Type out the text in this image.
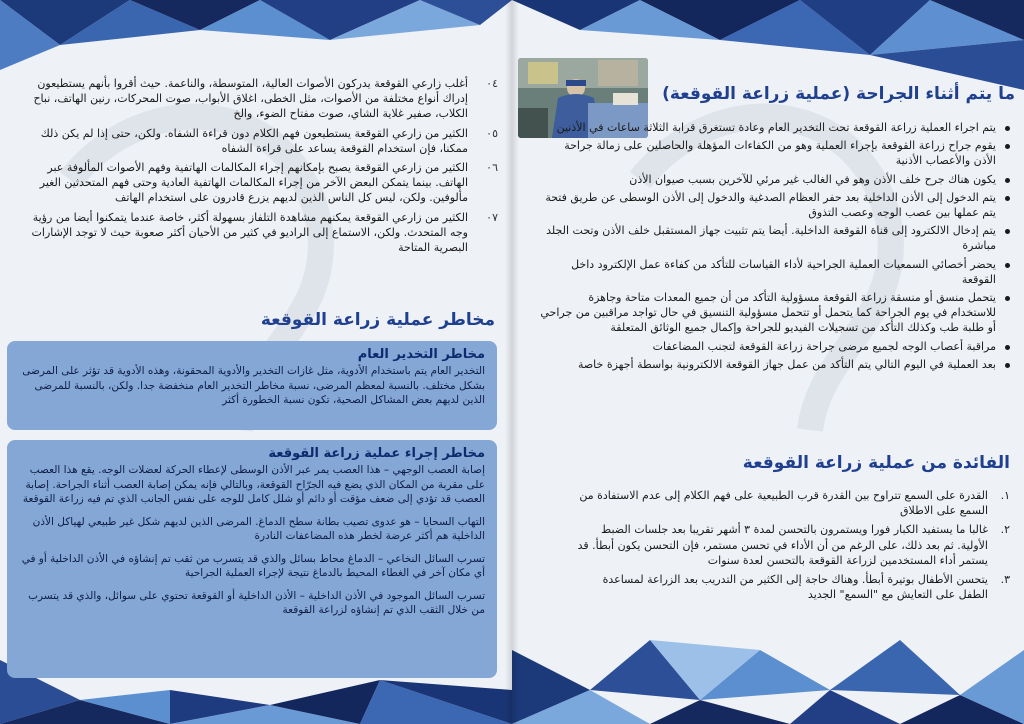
٠٤
أغلب زارعي القوقعة يدركون الأصوات العالية، المتوسطة، والناعمة. حيث أقروا بأنهم يستطيعون إدراك أنواع مختلفة من الأصوات، مثل الخطى، اغلاق الأبواب، صوت المحركات، رنين الهاتف، نباح الكلاب، صفير غلاية الشاي، صوت مفتاح الضوء، والخ
٠٥
الكثير من زارعي القوقعة يستطيعون فهم الكلام دون قراءة الشفاه. ولكن، حتى إذا لم يكن ذلك ممكنا، فإن استخدام القوقعة يساعد على قراءة الشفاه
٠٦
الكثير من زارعي القوقعة يصبح بإمكانهم إجراء المكالمات الهاتفية وفهم الأصوات المألوفة عبر الهاتف. بينما يتمكن البعض الآخر من إجراء المكالمات الهاتفية العادية وحتى فهم المتحدثين الغير مألوفين. ولكن، ليس كل الناس الذين لديهم يزرع قادرون على استخدام الهاتف
٠٧
الكثير من زارعي القوقعة يمكنهم مشاهدة التلفاز بسهولة أكثر، خاصة عندما يتمكنوا أيضا من رؤية وجه المتحدث. ولكن، الاستماع إلى الراديو في كثير من الأحيان أكثر صعوبة حيث لا توجد الإشارات البصرية المتاحة
مخاطر عملية زراعة القوقعة
مخاطر التخدير العام

التخدير العام يتم باستخدام الأدوية، مثل غازات التخدير والأدوية المحقونة، وهذه الأدوية قد تؤثر على المرضى بشكل مختلف. بالنسبة لمعظم المرضى، نسبة مخاطر التخدير العام منخفضة جدا. ولكن، بالنسبة للمرضى الذين لديهم بعض المشاكل الصحية، تكون نسبة الخطورة أكثر

مخاطر إجراء عملية زراعة القوقعة

إصابة العصب الوجهي – هذا العصب يمر عبر الأذن الوسطى لإعطاء الحركة لعضلات الوجه. يقع هذا العصب على مقربة من المكان الذي يضع فيه الجرّاح القوقعة، وبالتالي فإنه يمكن إصابة العصب أثناء الجراحة. إصابة العصب قد تؤدي إلى ضعف مؤقت أو دائم أو شلل كامل للوجه على نفس الجانب الذي تم فيه زراعة القوقعة

التهاب السحايا – هو عدوى تصيب بطانة سطح الدماغ. المرضى الذين لديهم شكل غير طبيعي لهياكل الأذن الداخلية هم أكثر عرضة لخطر هذه المضاعفات النادرة

تسرب السائل النخاعي – الدماغ محاط بسائل والذي قد يتسرب من ثقب تم إنشاؤه في الأذن الداخلية أو في أي مكان آخر في الغطاء المحيط بالدماغ نتيجة لإجراء العملية الجراحية

تسرب السائل الموجود في الأذن الداخلية – الأذن الداخلية أو القوقعة تحتوي على سوائل، والذي قد يتسرب من خلال الثقب الذي تم إنشاؤه لزراعة القوقعة

ما يتم أثناء الجراحة (عملية زراعة القوقعة)
يتم اجراء العملية زراعة القوقعة تحت التخدير العام وعادة تستغرق قرابة الثلاثة ساعات في الأذنين
يقوم جراح زراعة القوقعة بإجراء العملية وهو من الكفاءات المؤهلة والحاصلين على زمالة جراحة الأذن والأعصاب الأذنية
يكون هناك جرح خلف الأذن وهو في الغالب غير مرئي للآخرين بسبب صيوان الأذن
يتم الدخول إلى الأذن الداخلية بعد حفر العظام الصدغية والدخول إلى الأذن الوسطى عن طريق فتحة يتم عملها بين عصب الوجه وعصب التذوق
يتم إدخال الالكترود إلى قناة القوقعة الداخلية. أيضا يتم تثبيت جهاز المستقبل خلف الأذن وتحت الجلد مباشرة
يحضر أخصائي السمعيات العملية الجراحية لأداء القياسات للتأكد من كفاءة عمل الإلكترود داخل القوقعة
يتحمل منسق أو منسقة زراعة القوقعة مسؤولية التأكد من أن جميع المعدات متاحة وجاهزة للاستخدام في يوم الجراحة كما يتحمل أو تتحمل مسؤولية التنسيق في حال تواجد مراقبين من جراحي أو طلبة طب وكذلك التأكد من تسجيلات الفيديو للجراحة وإكمال جميع الوثائق المتعلقة
مراقبة أعصاب الوجه لجميع مرضى جراحة زراعة القوقعة لتجنب المضاعفات
بعد العملية في اليوم التالي يتم التأكد من عمل جهاز القوقعة الالكترونية بواسطة أجهزة خاصة
الفائدة من عملية زراعة القوقعة
١.
القدرة على السمع تتراوح بين القدرة قرب الطبيعية على فهم الكلام إلى عدم الاستفادة من السمع على الاطلاق
٢.
غالبا ما يستفيد الكبار فورا ويستمرون بالتحسن لمدة ٣ أشهر تقريبا بعد جلسات الضبط الأولية. ثم بعد ذلك، على الرغم من أن الأداء في تحسن مستمر، فإن التحسن يكون أبطأ. قد يستمر أداء المستخدمين لزراعة القوقعة بالتحسن لعدة سنوات
٣.
يتحسن الأطفال بوتيرة أبطأ. وهناك حاجة إلى الكثير من التدريب بعد الزراعة لمساعدة الطفل على التعايش مع "السمع" الجديد
